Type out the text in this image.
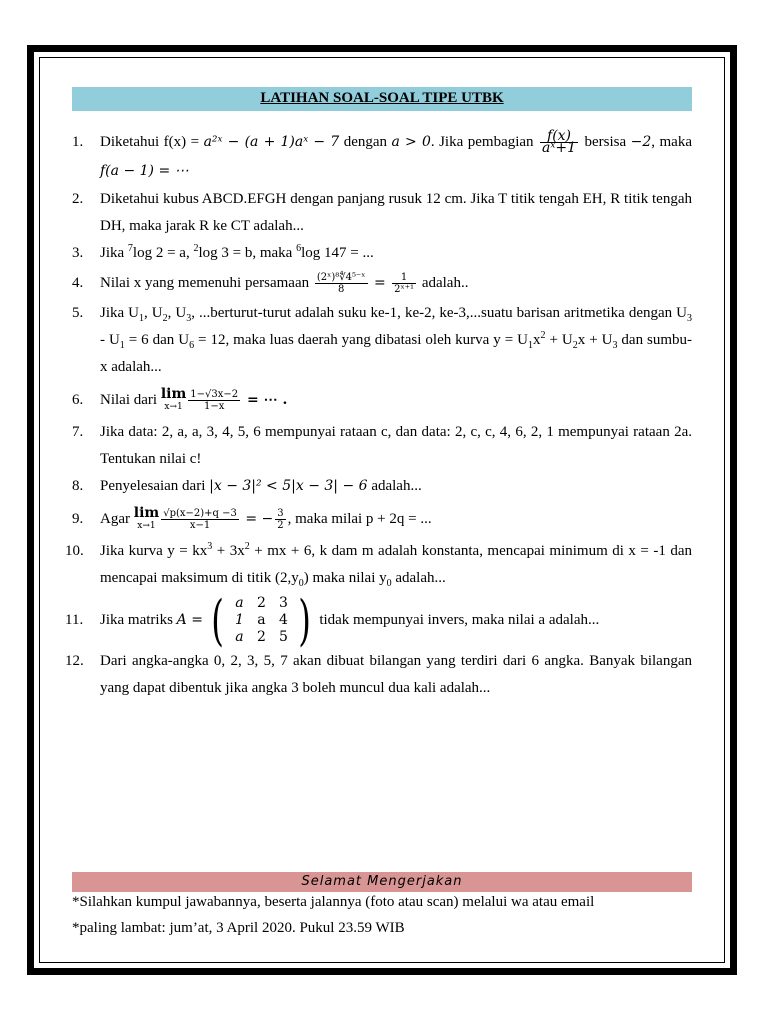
LATIHAN SOAL-SOAL TIPE UTBK
1. Diketahui f(x) = a²ˣ − (a + 1)aˣ − 7 dengan a > 0. Jika pembagian $\frac{f(x)}{\text{aˣ+1}}$ bersisa −2, maka f(a − 1) = ⋯
2. Diketahui kubus ABCD.EFGH dengan panjang rusuk 12 cm. Jika T titik tengah EH, R titik tengah DH, maka jarak R ke CT adalah...
3. Jika $^7$log 2 = a, $^2$log 3 = b, maka $^6$log 147 = ...
4. Nilai x yang memenuhi persamaan $\frac{\text{(2ˣ)⁸∜4⁵⁻ˣ}}{8} = \frac{1}{\text{2ˣ⁺¹}}$ adalah..
5. Jika $U_1$, $U_2$, $U_3$, ...berturut-turut adalah suku ke-1, ke-2, ke-3,...suatu barisan aritmetika dengan $U_3 - U_1 = 6$ dan $U_6 = 12$, maka luas daerah yang dibatasi oleh kurva $y = U_1x^2 + U_2x + U_3$ dan sumbu-x adalah...
6. Nilai dari lim
$x\to 1 \frac{1-√3x-2}{1-x}$ = ⋯ .
7. Jika data: 2, a, a, 3, 4, 5, 6 mempunyai rataan c, dan data: 2, c, c, 4, 6, 2, 1 mempunyai rataan 2a. Tentukan nilai c!
8. Penyelesaian dari |x − 3|² < 5|x − 3| − 6 adalah...
9. Agar lim
$x\to 1 \frac{√p(x-2)+q -3}{x-1}$ = − $\frac{3}{2}$ , maka milai p + 2q = ...
10. Jika kurva $y = kx^3 + 3x^2$ + mx + 6, k dam m adalah konstanta, mencapai minimum di x = -1 dan mencapai maksimum di titik $(2,y_0)$ maka nilai $y_0$ adalah...
11. Jika matriks A = ( a 2 3
1 a 4
a 2 5 ) tidak mempunyai invers, maka nilai a adalah...
12. Dari angka-angka 0, 2, 3, 5, 7 akan dibuat bilangan yang terdiri dari 6 angka. Banyak bilangan yang dapat dibentuk jika angka 3 boleh muncul dua kali adalah...
Selamat Mengerjakan
*Silahkan kumpul jawabannya, beserta jalannya (foto atau scan) melalui wa atau email
*paling lambat: jum’at, 3 April 2020. Pukul 23.59 WIB
